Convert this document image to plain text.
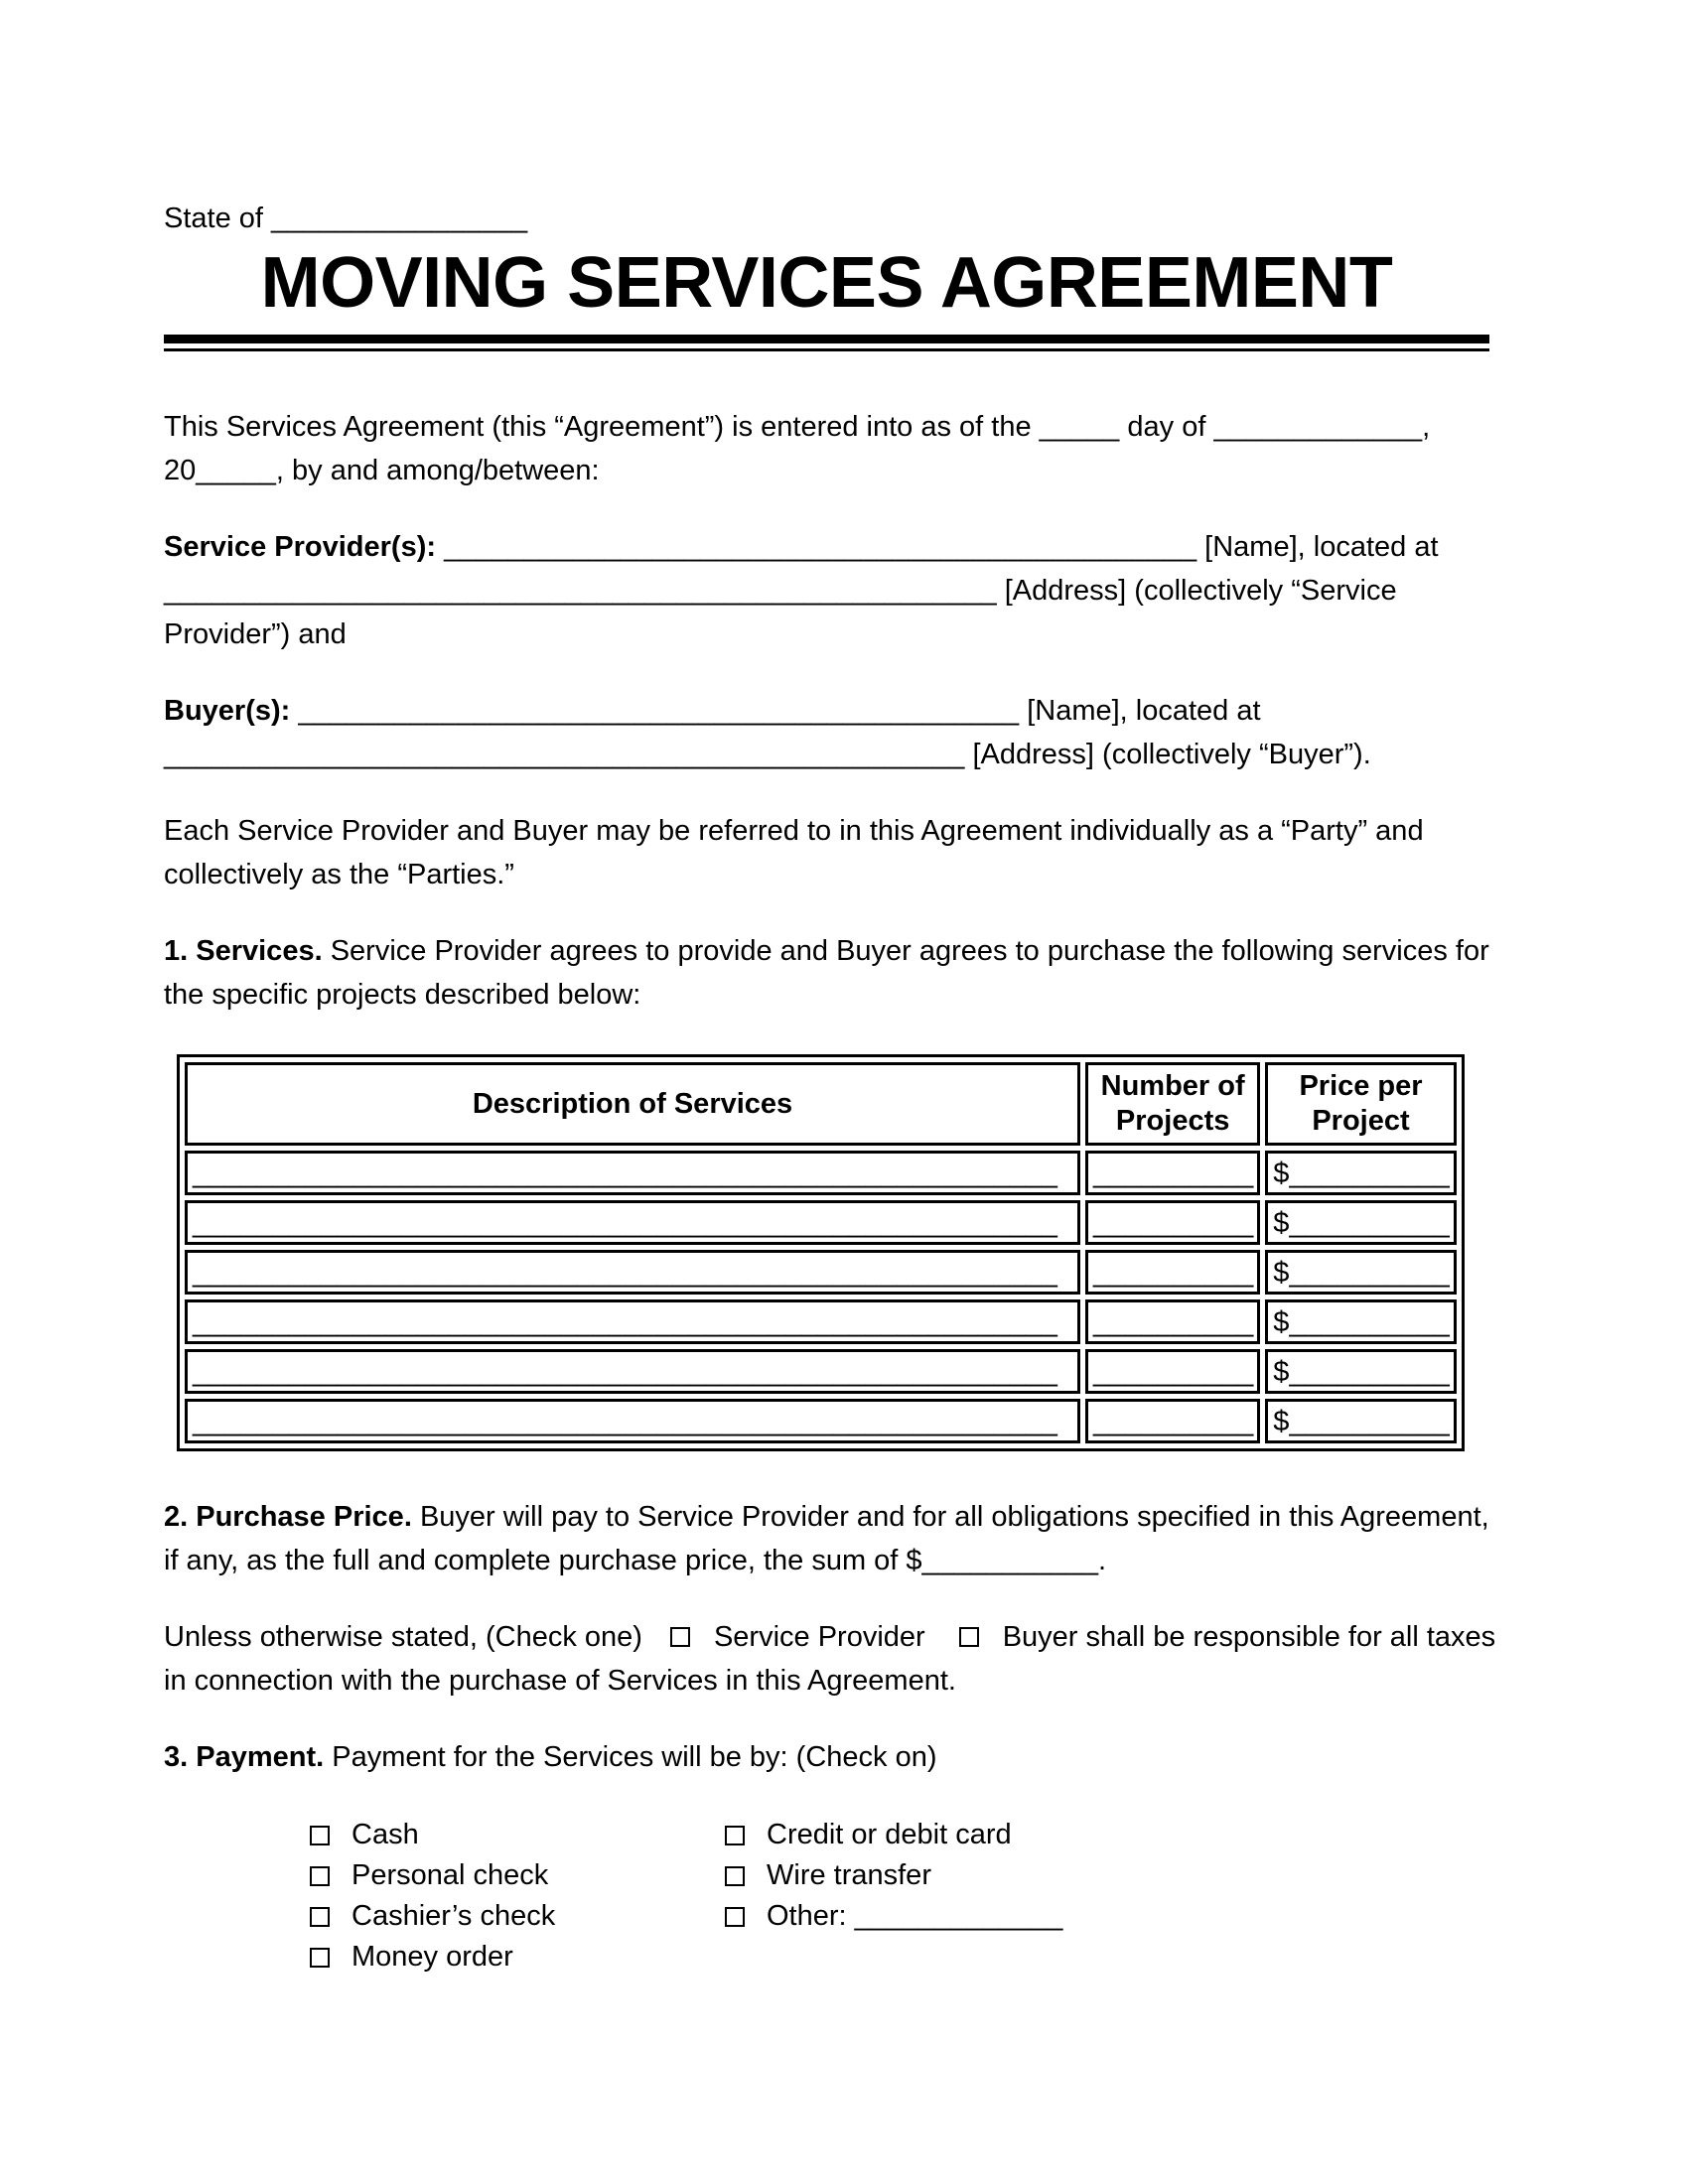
State of ________________
MOVING SERVICES AGREEMENT
This Services Agreement (this “Agreement”) is entered into as of the _____ day of _____________,
20_____, by and among/between:
Service Provider(s): _______________________________________________ [Name], located at
____________________________________________________ [Address] (collectively “Service
Provider”) and
Buyer(s): _____________________________________________ [Name], located at
__________________________________________________ [Address] (collectively “Buyer”).
Each Service Provider and Buyer may be referred to in this Agreement individually as a “Party” and
collectively as the “Parties.”
1. Services. Service Provider agrees to provide and Buyer agrees to purchase the following services for
the specific projects described below:
Description of Services	Number of Projects	Price per Project
______________________________________________________	__________	$__________
______________________________________________________	__________	$__________
______________________________________________________	__________	$__________
______________________________________________________	__________	$__________
______________________________________________________	__________	$__________
______________________________________________________	__________	$__________
2. Purchase Price. Buyer will pay to Service Provider and for all obligations specified in this Agreement,
if any, as the full and complete purchase price, the sum of $___________.
Unless otherwise stated, (Check one) Service Provider	Buyer shall be responsible for all taxes
in connection with the purchase of Services in this Agreement.
3. Payment. Payment for the Services will be by: (Check on)
Cash
Personal check
Cashier’s check
Money order
Credit or debit card
Wire transfer
Other: _____________
